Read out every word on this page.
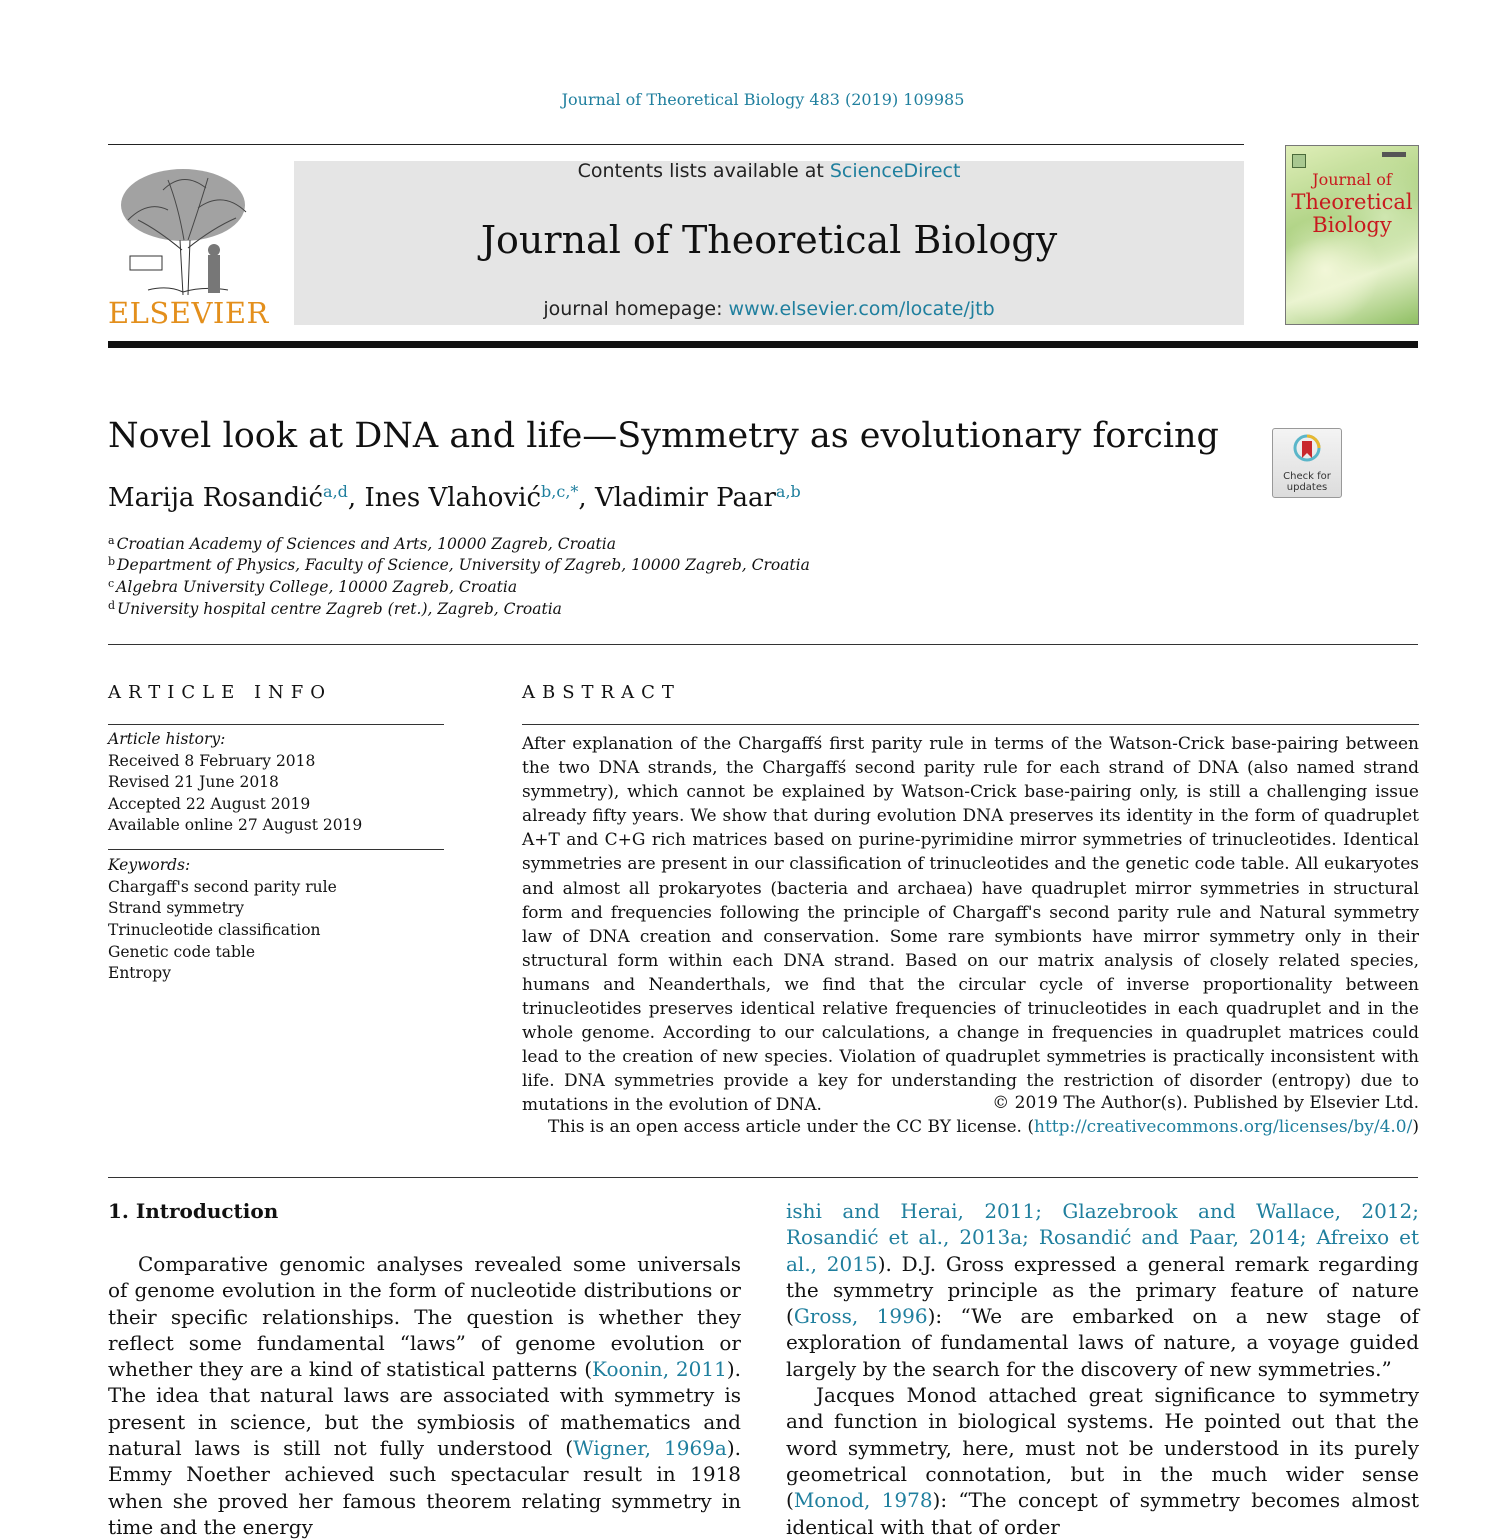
Journal of Theoretical Biology 483 (2019) 109985
ELSEVIER
Contents lists available at ScienceDirect
Journal of Theoretical Biology
journal homepage: www.elsevier.com/locate/jtb
Journal of
Theoretical
Biology
Novel look at DNA and life—Symmetry as evolutionary forcing
Check for updates
Marija Rosandić$^{a,d}$, Ines Vlahović$^{b,c,*}$, Vladimir Paar$^{a,b}$
$^a$ Croatian Academy of Sciences and Arts, 10000 Zagreb, Croatia
$^b$ Department of Physics, Faculty of Science, University of Zagreb, 10000 Zagreb, Croatia
$^c$ Algebra University College, 10000 Zagreb, Croatia
$^d$ University hospital centre Zagreb (ret.), Zagreb, Croatia
ARTICLE INFO
Article history:
Received 8 February 2018
Revised 21 June 2018
Accepted 22 August 2019
Available online 27 August 2019
Keywords:
Chargaff's second parity rule
Strand symmetry
Trinucleotide classification
Genetic code table
Entropy
ABSTRACT
After explanation of the Chargaffś first parity rule in terms of the Watson-Crick base-pairing between the two DNA strands, the Chargaffś second parity rule for each strand of DNA (also named strand symmetry), which cannot be explained by Watson-Crick base-pairing only, is still a challenging issue already fifty years. We show that during evolution DNA preserves its identity in the form of quadruplet A+T and C+G rich matrices based on purine-pyrimidine mirror symmetries of trinucleotides. Identical symmetries are present in our classification of trinucleotides and the genetic code table. All eukaryotes and almost all prokaryotes (bacteria and archaea) have quadruplet mirror symmetries in structural form and frequencies following the principle of Chargaff's second parity rule and Natural symmetry law of DNA creation and conservation. Some rare symbionts have mirror symmetry only in their structural form within each DNA strand. Based on our matrix analysis of closely related species, humans and Neanderthals, we find that the circular cycle of inverse proportionality between trinucleotides preserves identical relative frequencies of trinucleotides in each quadruplet and in the whole genome. According to our calculations, a change in frequencies in quadruplet matrices could lead to the creation of new species. Violation of quadruplet symmetries is practically inconsistent with life. DNA symmetries provide a key for understanding the restriction of disorder (entropy) due to mutations in the evolution of DNA.	© 2019 The Author(s). Published by Elsevier Ltd.
This is an open access article under the CC BY license. (http://creativecommons.org/licenses/by/4.0/)
1. Introduction

Comparative genomic analyses revealed some universals of genome evolution in the form of nucleotide distributions or their specific relationships. The question is whether they reflect some fundamental “laws” of genome evolution or whether they are a kind of statistical patterns (Koonin, 2011). The idea that natural laws are associated with symmetry is present in science, but the symbiosis of mathematics and natural laws is still not fully understood (Wigner, 1969a). Emmy Noether achieved such spectacular result in 1918 when she proved her famous theorem relating symmetry in time and the energy

ishi and Herai, 2011; Glazebrook and Wallace, 2012; Rosandić et al., 2013a; Rosandić and Paar, 2014; Afreixo et al., 2015). D.J. Gross expressed a general remark regarding the symmetry principle as the primary feature of nature (Gross, 1996): “We are embarked on a new stage of exploration of fundamental laws of nature, a voyage guided largely by the search for the discovery of new symmetries.”

Jacques Monod attached great significance to symmetry and function in biological systems. He pointed out that the word symmetry, here, must not be understood in its purely geometrical connotation, but in the much wider sense (Monod, 1978): “The concept of symmetry becomes almost identical with that of order
